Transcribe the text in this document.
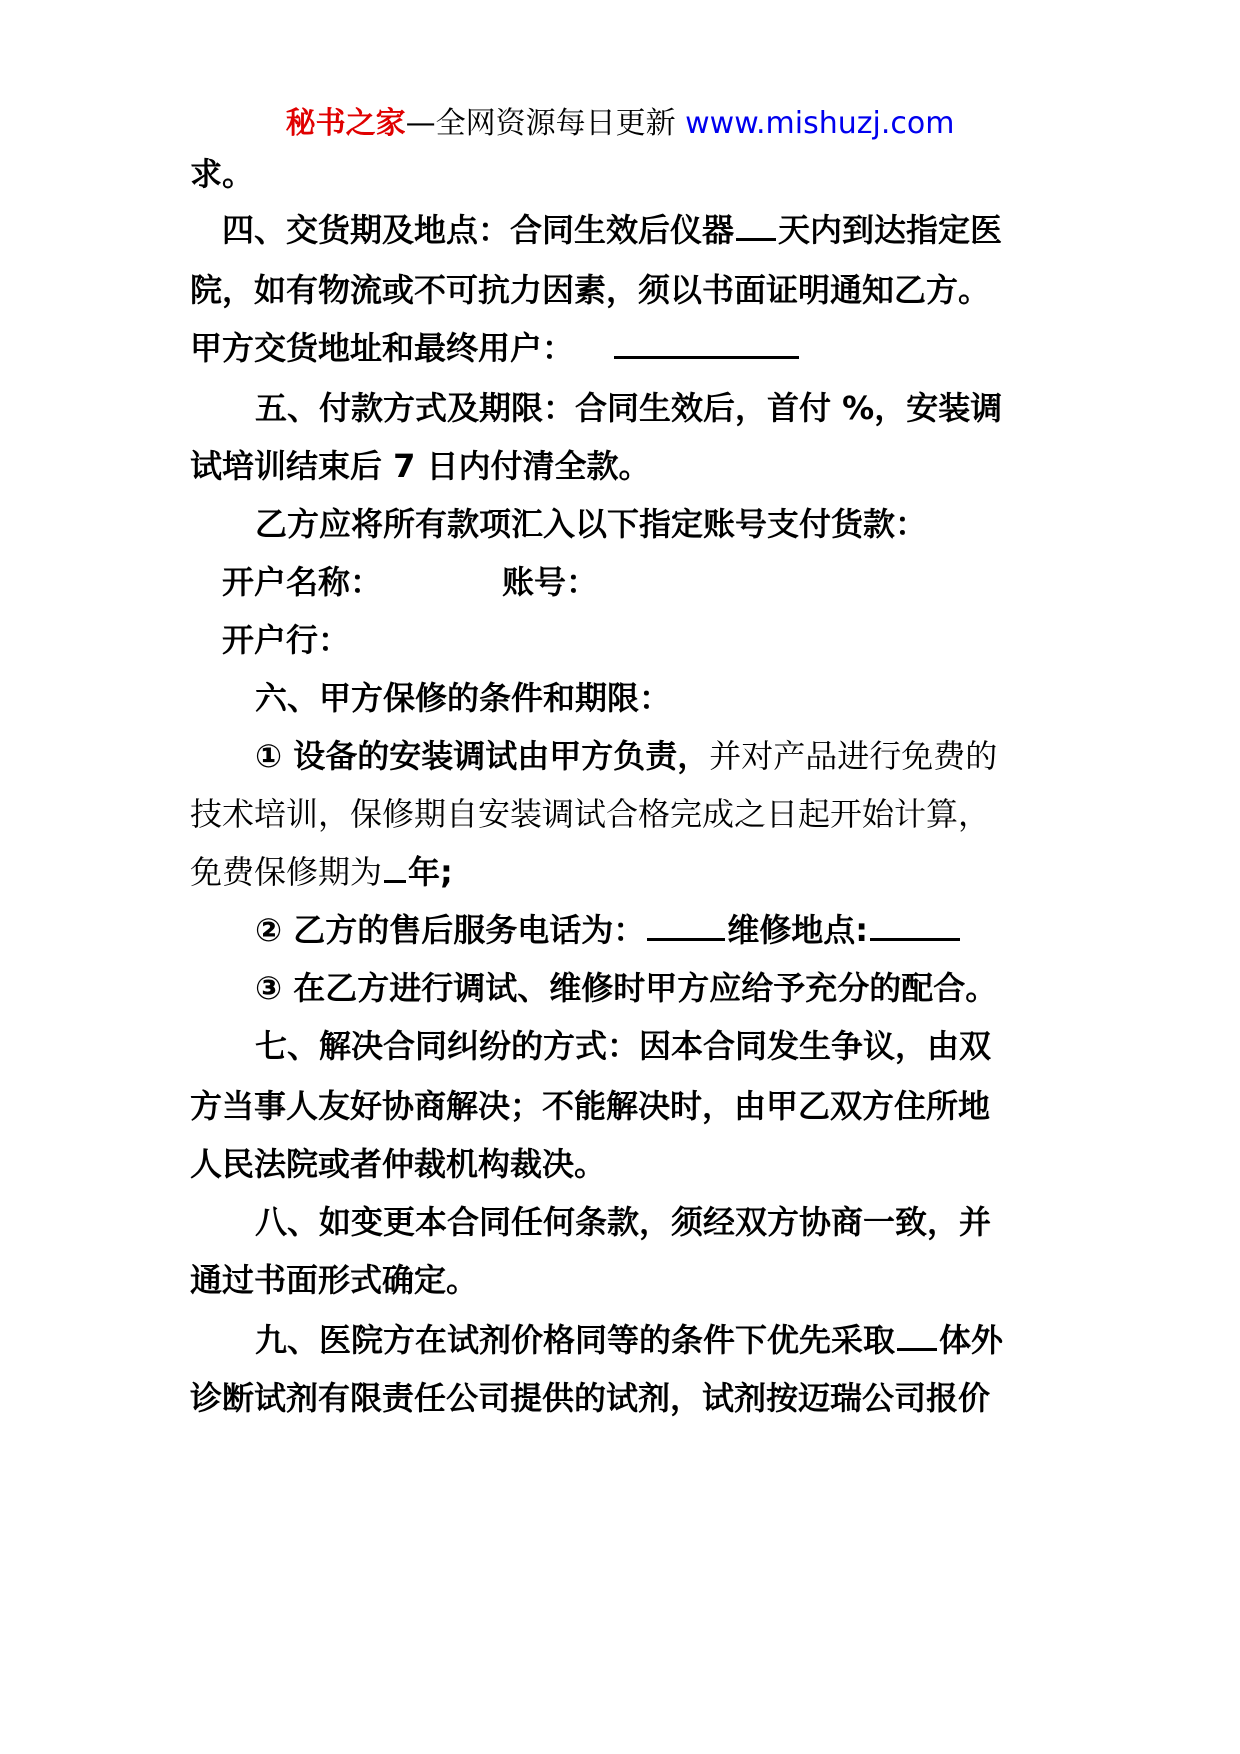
秘书之家—全网资源每日更新 www.mishuzj.com
求。
四、交货期及地点：合同生效后仪器 天内到达指定医
院，如有物流或不可抗力因素，须以书面证明通知乙方。
甲方交货地址和最终用户：
五、付款方式及期限：合同生效后，首付 %，安装调
试培训结束后 7 日内付清全款。
乙方应将所有款项汇入以下指定账号支付货款：
开户名称：	账号：
开户行：
六、甲方保修的条件和期限：
① 设备的安装调试由甲方负责，并对产品进行免费的
技术培训，保修期自安装调试合格完成之日起开始计算，
免费保修期为 年;
② 乙方的售后服务电话为：	维修地点:
③ 在乙方进行调试、维修时甲方应给予充分的配合。
七、解决合同纠纷的方式：因本合同发生争议，由双
方当事人友好协商解决；不能解决时，由甲乙双方住所地
人民法院或者仲裁机构裁决。
八、如变更本合同任何条款，须经双方协商一致，并
通过书面形式确定。
九、医院方在试剂价格同等的条件下优先采取 体外
诊断试剂有限责任公司提供的试剂，试剂按迈瑞公司报价
